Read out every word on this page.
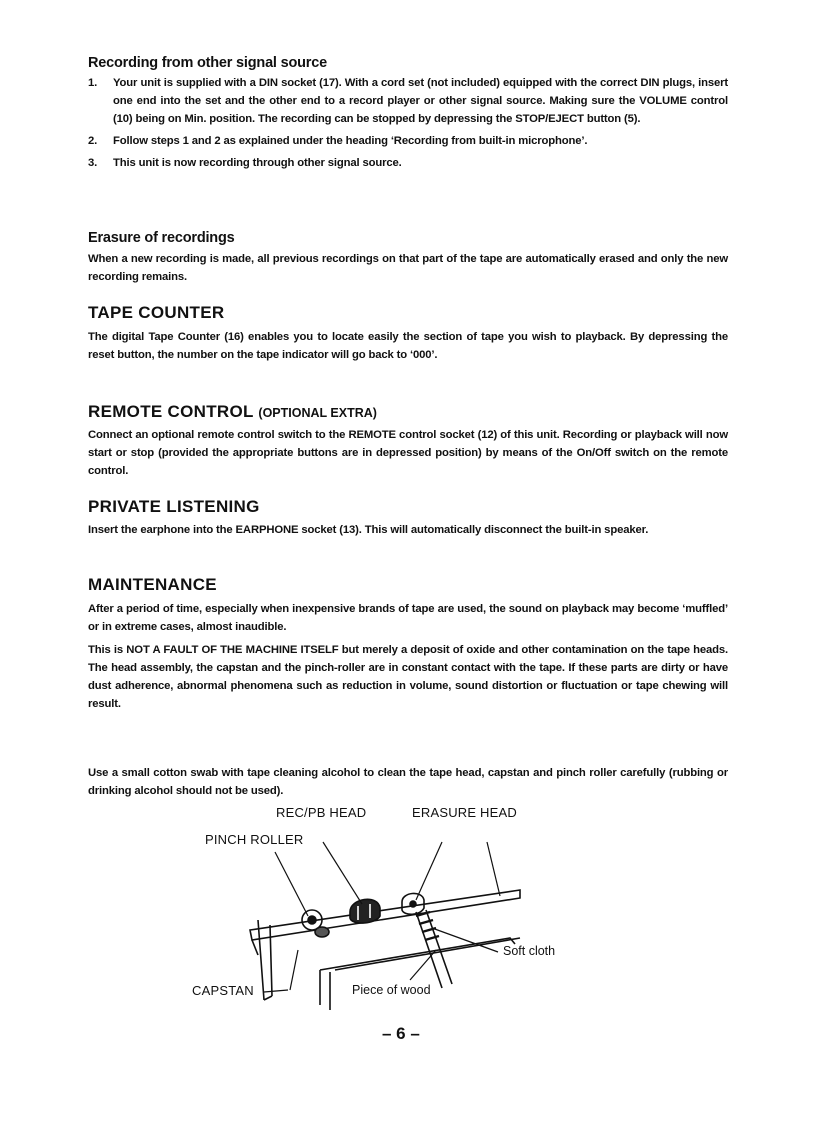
Recording from other signal source
1. Your unit is supplied with a DIN socket (17). With a cord set (not included) equipped with the correct DIN plugs, insert one end into the set and the other end to a record player or other signal source. Making sure the VOLUME control (10) being on Min. position. The recording can be stopped by depressing the STOP/EJECT button (5).
2. Follow steps 1 and 2 as explained under the heading ‘Recording from built-in microphone’.
3. This unit is now recording through other signal source.
Erasure of recordings
When a new recording is made, all previous recordings on that part of the tape are automatically erased and only the new recording remains.
TAPE COUNTER
The digital Tape Counter (16) enables you to locate easily the section of tape you wish to playback. By depressing the reset button, the number on the tape indicator will go back to ‘000’.
REMOTE CONTROL (OPTIONAL EXTRA)
Connect an optional remote control switch to the REMOTE control socket (12) of this unit. Recording or playback will now start or stop (provided the appropriate buttons are in depressed position) by means of the On/Off switch on the remote control.
PRIVATE LISTENING
Insert the earphone into the EARPHONE socket (13). This will automatically disconnect the built-in speaker.
MAINTENANCE
After a period of time, especially when inexpensive brands of tape are used, the sound on playback may become ‘muffled’ or in extreme cases, almost inaudible.
This is NOT A FAULT OF THE MACHINE ITSELF but merely a deposit of oxide and other contamination on the tape heads. The head assembly, the capstan and the pinch-roller are in constant contact with the tape. If these parts are dirty or have dust adherence, abnormal phenomena such as reduction in volume, sound distortion or fluctuation or tape chewing will result.
Use a small cotton swab with tape cleaning alcohol to clean the tape head, capstan and pinch roller carefully (rubbing or drinking alcohol should not be used).
REC/PB HEAD	ERASURE HEAD
PINCH ROLLER
CAPSTAN	Piece of wood
Soft cloth
– 6 –
